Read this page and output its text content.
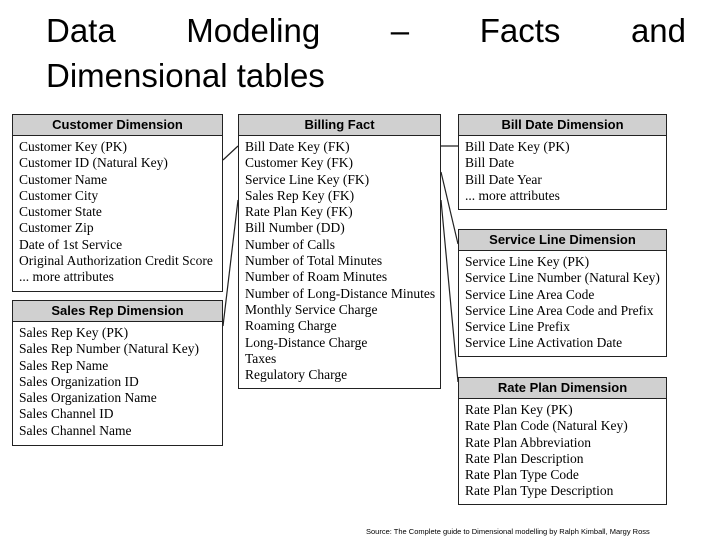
Data Modeling – Facts and
Dimensional tables
Customer Dimension
Customer Key (PK)
Customer ID (Natural Key)
Customer Name
Customer City
Customer State
Customer Zip
Date of 1st Service
Original Authorization Credit Score
... more attributes
Sales Rep Dimension
Sales Rep Key (PK)
Sales Rep Number (Natural Key)
Sales Rep Name
Sales Organization ID
Sales Organization Name
Sales Channel ID
Sales Channel Name
Billing Fact
Bill Date Key (FK)
Customer Key (FK)
Service Line Key (FK)
Sales Rep Key (FK)
Rate Plan Key (FK)
Bill Number (DD)
Number of Calls
Number of Total Minutes
Number of Roam Minutes
Number of Long-Distance Minutes
Monthly Service Charge
Roaming Charge
Long-Distance Charge
Taxes
Regulatory Charge
Bill Date Dimension
Bill Date Key (PK)
Bill Date
Bill Date Year
... more attributes
Service Line Dimension
Service Line Key (PK)
Service Line Number (Natural Key)
Service Line Area Code
Service Line Area Code and Prefix
Service Line Prefix
Service Line Activation Date
Rate Plan Dimension
Rate Plan Key (PK)
Rate Plan Code (Natural Key)
Rate Plan Abbreviation
Rate Plan Description
Rate Plan Type Code
Rate Plan Type Description
Source: The Complete guide to Dimensional modelling by Ralph Kimball, Margy Ross
